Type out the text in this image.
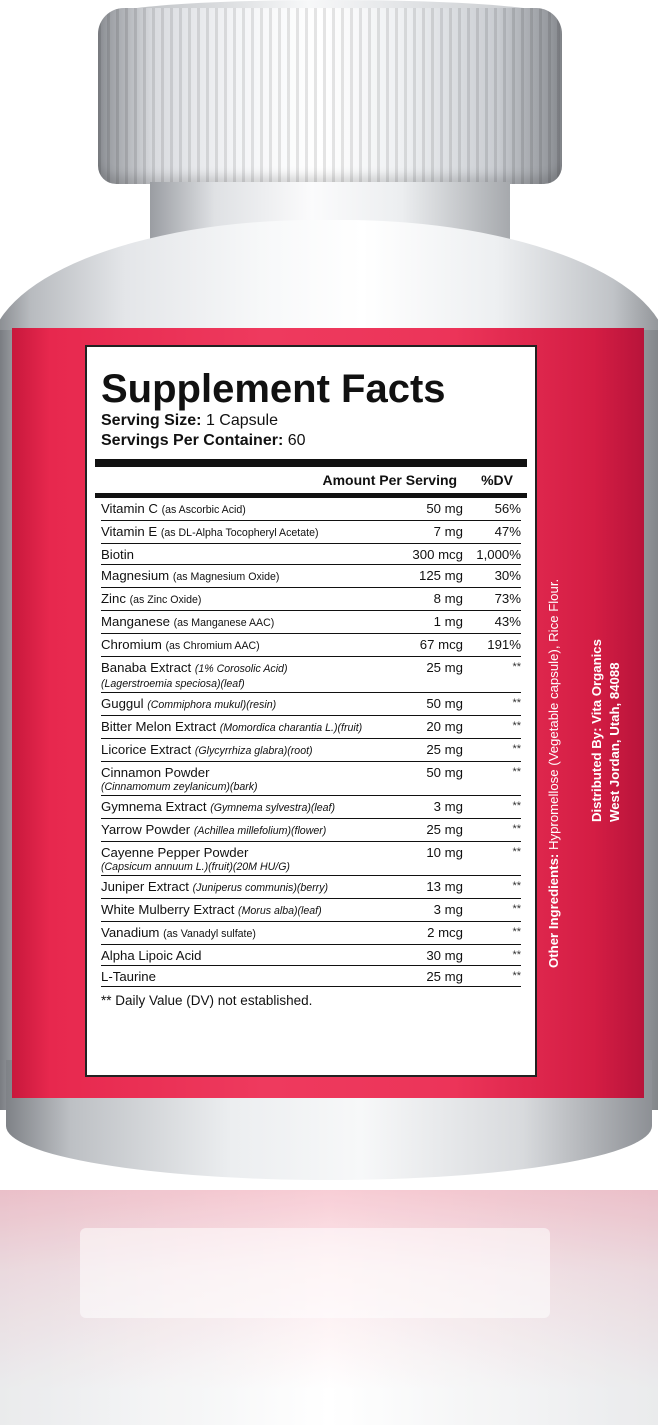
Supplement Facts
Serving Size: 1 Capsule
Servings Per Container: 60
Amount Per Serving %DV
Vitamin C (as Ascorbic Acid)	50 mg	56%
Vitamin E (as DL-Alpha Tocopheryl Acetate)	7 mg	47%
Biotin	300 mcg	1,000%
Magnesium (as Magnesium Oxide)	125 mg	30%
Zinc (as Zinc Oxide)	8 mg	73%
Manganese (as Manganese AAC)	1 mg	43%
Chromium (as Chromium AAC)	67 mcg	191%
Banaba Extract (1% Corosolic Acid)
(Lagerstroemia speciosa)(leaf)
25 mg	**
Guggul (Commiphora mukul)(resin)	50 mg	**
Bitter Melon Extract (Momordica charantia L.)(fruit)	20 mg	**
Licorice Extract (Glycyrrhiza glabra)(root)	25 mg	**
Cinnamon Powder
(Cinnamomum zeylanicum)(bark)
50 mg	**
Gymnema Extract (Gymnema sylvestra)(leaf)	3 mg	**
Yarrow Powder (Achillea millefolium)(flower)	25 mg	**
Cayenne Pepper Powder
(Capsicum annuum L.)(fruit)(20M HU/G)
10 mg	**
Juniper Extract (Juniperus communis)(berry)	13 mg	**
White Mulberry Extract (Morus alba)(leaf)	3 mg	**
Vanadium (as Vanadyl sulfate)	2 mcg	**
Alpha Lipoic Acid	30 mg	**
L-Taurine	25 mg	**
** Daily Value (DV) not established.
Other Ingredients: Hypromellose (Vegetable capsule), Rice Flour. Distributed By: Vita Organics West Jordan, Utah, 84088
